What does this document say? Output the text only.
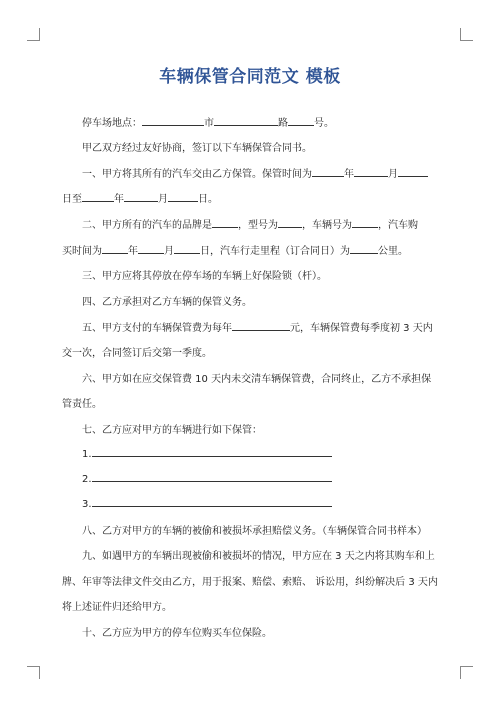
车辆保管合同范文 模板
停车场地点：	市	路	号。
甲乙双方经过友好协商，签订以下车辆保管合同书。
一、甲方将其所有的汽车交由乙方保管。保管时间为	年	月
日至	年	月	日。
二、甲方所有的汽车的品牌是	，型号为 ，车辆号为	，汽车购
买时间为	年	月	日，汽车行走里程（订合同日）为	公里。
三、甲方应将其停放在停车场的车辆上好保险锁（杆）。
四、乙方承担对乙方车辆的保管义务。
五、甲方支付的车辆保管费为每年	元，车辆保管费每季度初 3 天内
交一次，合同签订后交第一季度。
六、甲方如在应交保管费 10 天内未交清车辆保管费，合同终止，乙方不承担保
管责任。
七、乙方应对甲方的车辆进行如下保管：
1.
2.
3.
八、乙方对甲方的车辆的被偷和被损坏承担赔偿义务。（车辆保管合同书样本）
九、如遇甲方的车辆出现被偷和被损坏的情况，甲方应在 3 天之内将其购车和上
牌、年审等法律文件交由乙方，用于报案、赔偿、索赔、 诉讼用，纠纷解决后 3 天内
将上述证件归还给甲方。
十、乙方应为甲方的停车位购买车位保险。
